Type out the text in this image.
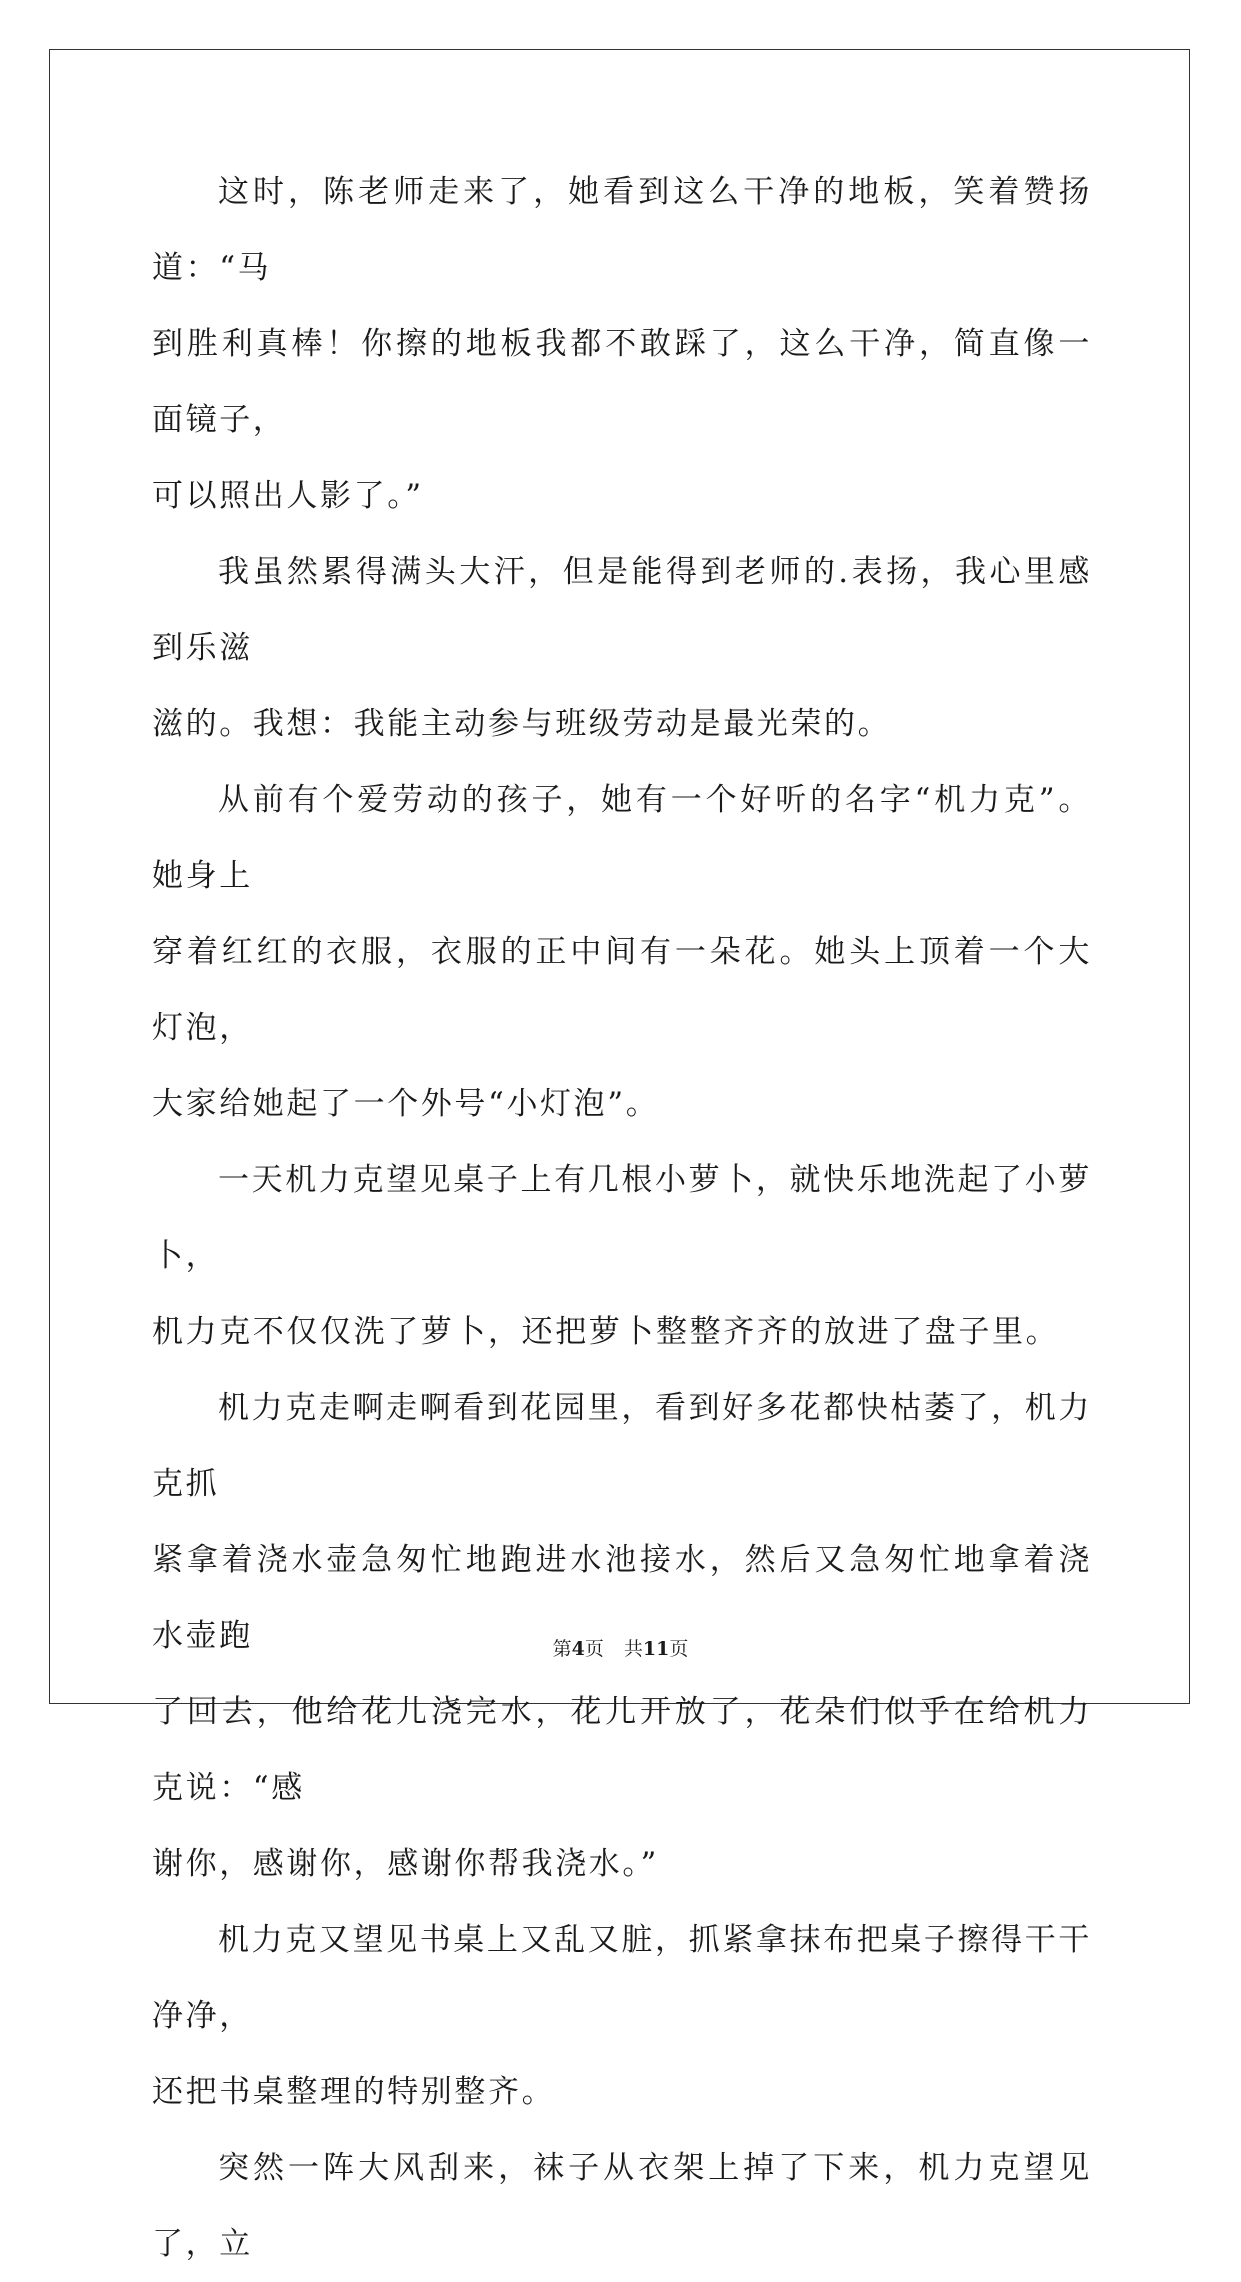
这时，陈老师走来了，她看到这么干净的地板，笑着赞扬道：“马
到胜利真棒！你擦的地板我都不敢踩了，这么干净，简直像一面镜子，
可以照出人影了。”

我虽然累得满头大汗，但是能得到老师的.表扬，我心里感到乐滋
滋的。我想：我能主动参与班级劳动是最光荣的。

从前有个爱劳动的孩子，她有一个好听的名字“机力克”。她身上
穿着红红的衣服，衣服的正中间有一朵花。她头上顶着一个大灯泡，
大家给她起了一个外号“小灯泡”。

一天机力克望见桌子上有几根小萝卜，就快乐地洗起了小萝卜，
机力克不仅仅洗了萝卜，还把萝卜整整齐齐的放进了盘子里。

机力克走啊走啊看到花园里，看到好多花都快枯萎了，机力克抓
紧拿着浇水壶急匆忙地跑进水池接水，然后又急匆忙地拿着浇水壶跑
了回去，他给花儿浇完水，花儿开放了，花朵们似乎在给机力克说：“感
谢你，感谢你，感谢你帮我浇水。”

机力克又望见书桌上又乱又脏，抓紧拿抹布把桌子擦得干干净净，
还把书桌整理的特别整齐。

突然一阵大风刮来，袜子从衣架上掉了下来，机力克望见了，立

第4页 共11页
